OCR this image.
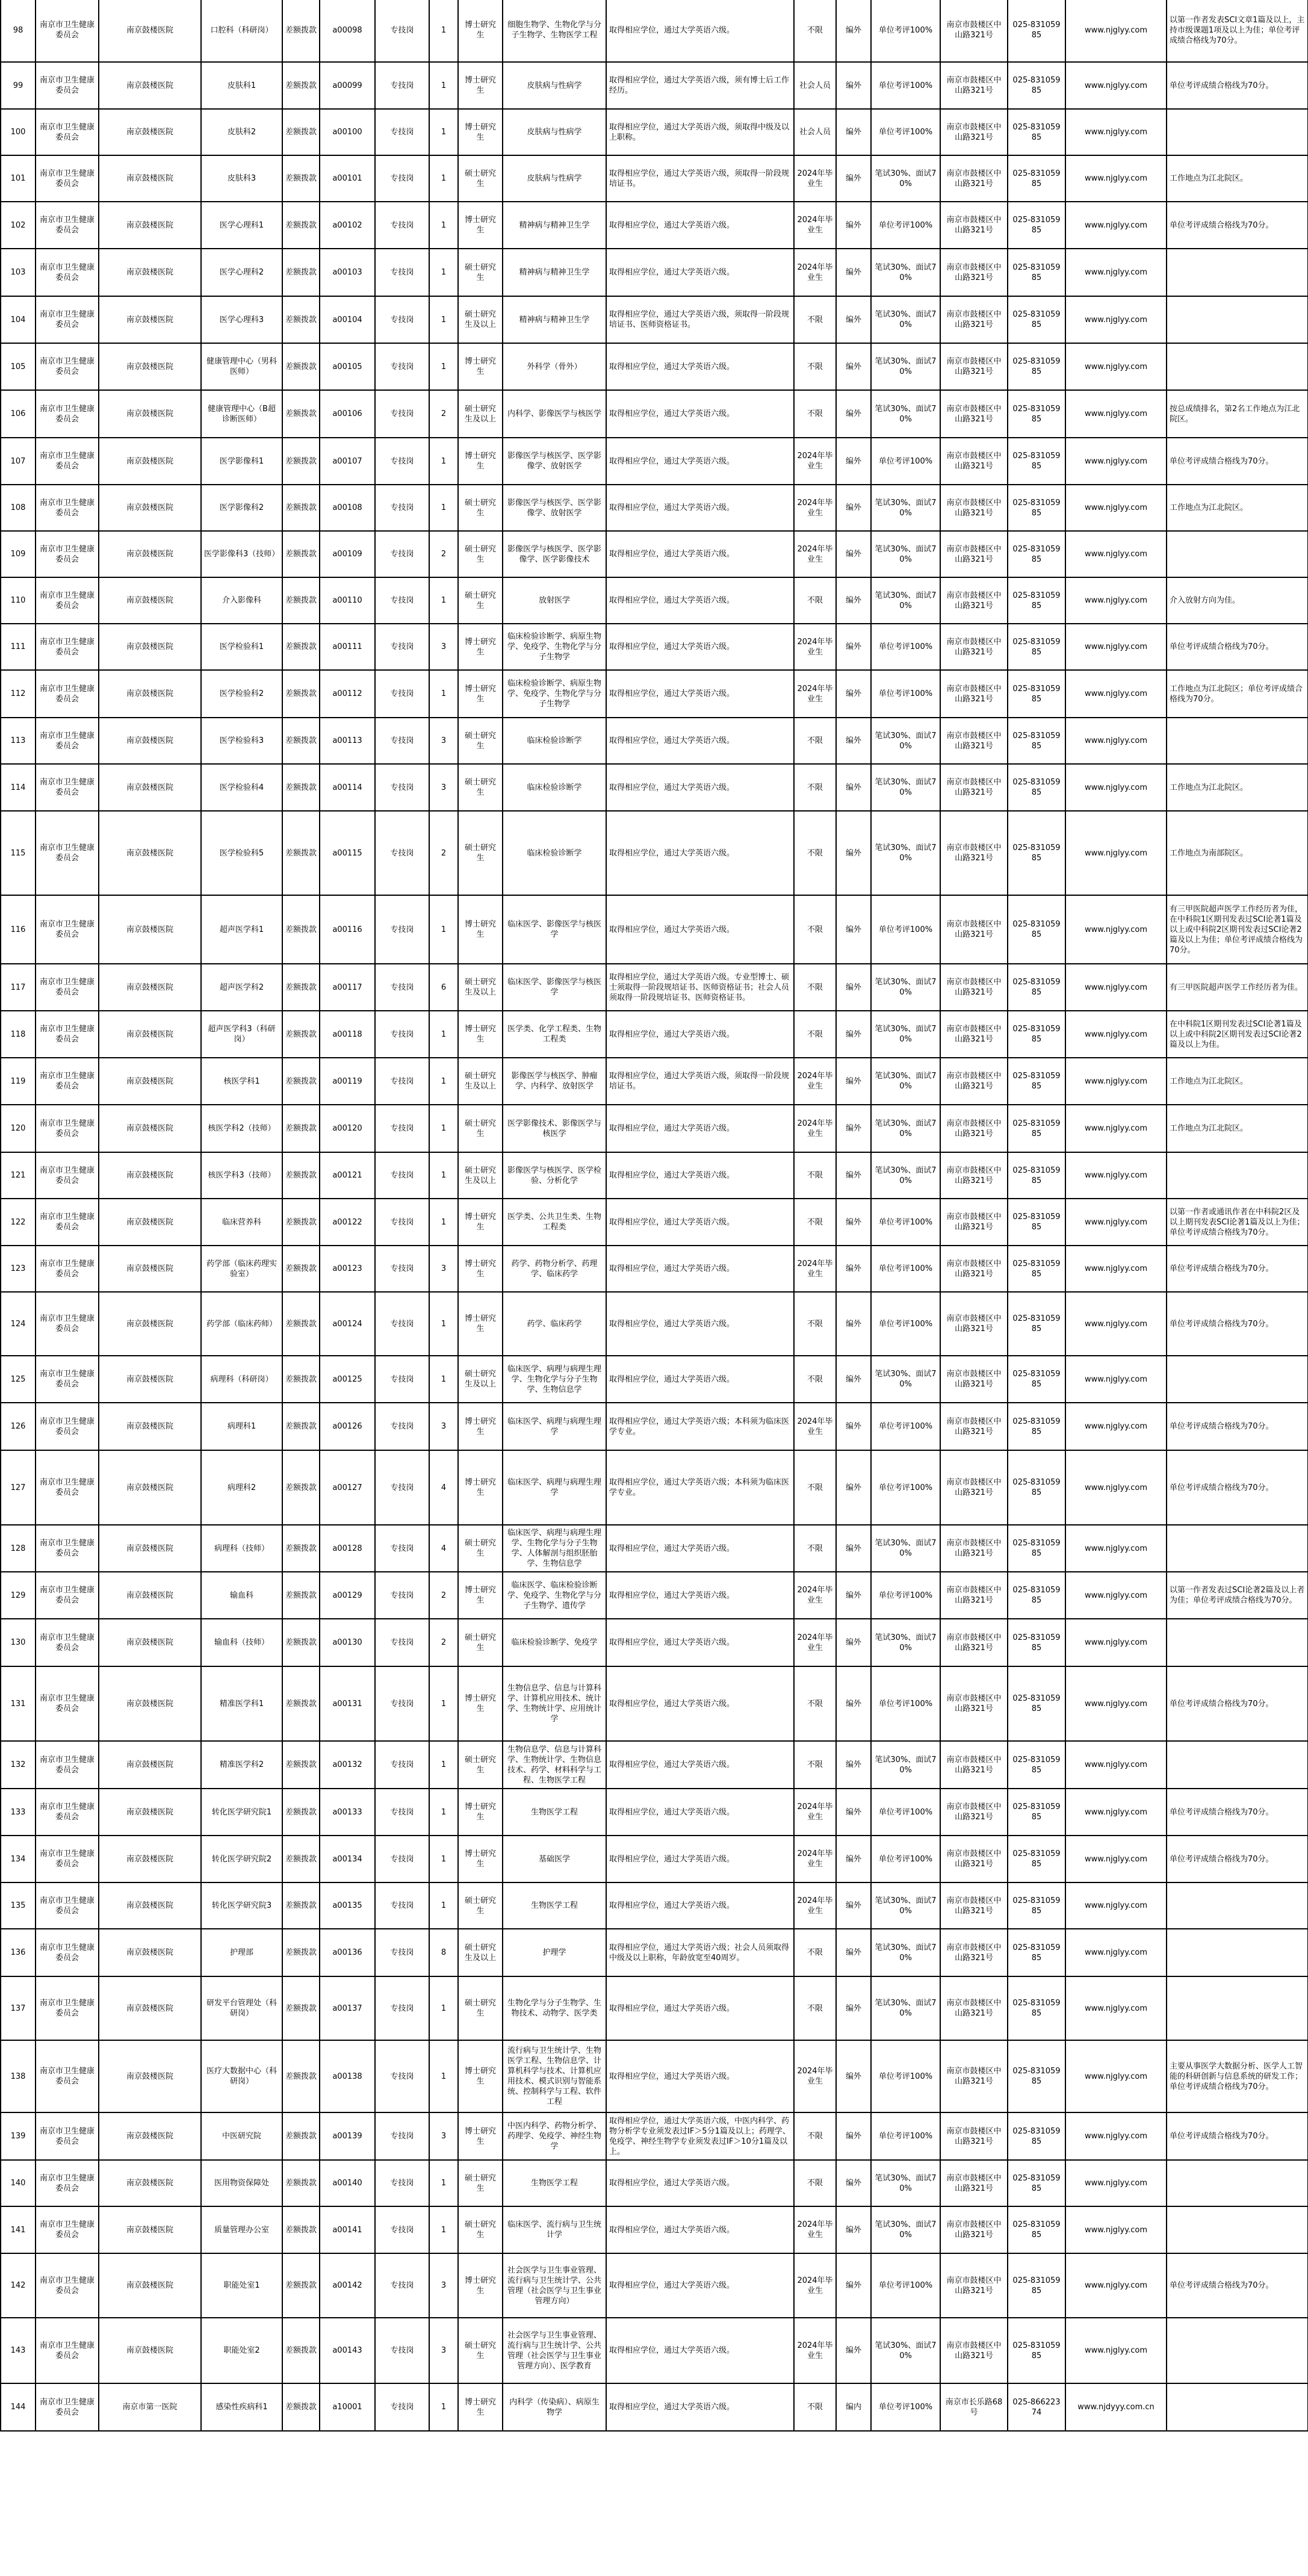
98	南京市卫生健康委员会	南京鼓楼医院	口腔科（科研岗）	差额拨款	a00098	专技岗	1	博士研究生	细胞生物学、生物化学与分子生物学、生物医学工程	取得相应学位，通过大学英语六级。	不限	编外	单位考评100%	南京市鼓楼区中山路321号	025-83105985	www.njglyy.com	以第一作者发表SCI文章1篇及以上，主持市级课题1项及以上为佳；单位考评成绩合格线为70分。
99	南京市卫生健康委员会	南京鼓楼医院	皮肤科1	差额拨款	a00099	专技岗	1	博士研究生	皮肤病与性病学	取得相应学位，通过大学英语六级，须有博士后工作经历。	社会人员	编外	单位考评100%	南京市鼓楼区中山路321号	025-83105985	www.njglyy.com	单位考评成绩合格线为70分。
100	南京市卫生健康委员会	南京鼓楼医院	皮肤科2	差额拨款	a00100	专技岗	1	博士研究生	皮肤病与性病学	取得相应学位，通过大学英语六级，须取得中级及以上职称。	社会人员	编外	单位考评100%	南京市鼓楼区中山路321号	025-83105985	www.njglyy.com	
101	南京市卫生健康委员会	南京鼓楼医院	皮肤科3	差额拨款	a00101	专技岗	1	硕士研究生	皮肤病与性病学	取得相应学位，通过大学英语六级，须取得一阶段规培证书。	2024年毕业生	编外	笔试30%、面试70%	南京市鼓楼区中山路321号	025-83105985	www.njglyy.com	工作地点为江北院区。
102	南京市卫生健康委员会	南京鼓楼医院	医学心理科1	差额拨款	a00102	专技岗	1	博士研究生	精神病与精神卫生学	取得相应学位，通过大学英语六级。	2024年毕业生	编外	单位考评100%	南京市鼓楼区中山路321号	025-83105985	www.njglyy.com	单位考评成绩合格线为70分。
103	南京市卫生健康委员会	南京鼓楼医院	医学心理科2	差额拨款	a00103	专技岗	1	硕士研究生	精神病与精神卫生学	取得相应学位，通过大学英语六级。	2024年毕业生	编外	笔试30%、面试70%	南京市鼓楼区中山路321号	025-83105985	www.njglyy.com	
104	南京市卫生健康委员会	南京鼓楼医院	医学心理科3	差额拨款	a00104	专技岗	1	硕士研究生及以上	精神病与精神卫生学	取得相应学位，通过大学英语六级，须取得一阶段规培证书、医师资格证书。	不限	编外	笔试30%、面试70%	南京市鼓楼区中山路321号	025-83105985	www.njglyy.com	
105	南京市卫生健康委员会	南京鼓楼医院	健康管理中心（男科医师）	差额拨款	a00105	专技岗	1	博士研究生	外科学（骨外）	取得相应学位，通过大学英语六级。	不限	编外	笔试30%、面试70%	南京市鼓楼区中山路321号	025-83105985	www.njglyy.com	
106	南京市卫生健康委员会	南京鼓楼医院	健康管理中心（B超诊断医师）	差额拨款	a00106	专技岗	2	硕士研究生及以上	内科学、影像医学与核医学	取得相应学位，通过大学英语六级。	不限	编外	笔试30%、面试70%	南京市鼓楼区中山路321号	025-83105985	www.njglyy.com	按总成绩排名，第2名工作地点为江北院区。
107	南京市卫生健康委员会	南京鼓楼医院	医学影像科1	差额拨款	a00107	专技岗	1	博士研究生	影像医学与核医学、医学影像学、放射医学	取得相应学位，通过大学英语六级。	2024年毕业生	编外	单位考评100%	南京市鼓楼区中山路321号	025-83105985	www.njglyy.com	单位考评成绩合格线为70分。
108	南京市卫生健康委员会	南京鼓楼医院	医学影像科2	差额拨款	a00108	专技岗	1	硕士研究生	影像医学与核医学、医学影像学、放射医学	取得相应学位，通过大学英语六级。	2024年毕业生	编外	笔试30%、面试70%	南京市鼓楼区中山路321号	025-83105985	www.njglyy.com	工作地点为江北院区。
109	南京市卫生健康委员会	南京鼓楼医院	医学影像科3（技师）	差额拨款	a00109	专技岗	2	硕士研究生	影像医学与核医学、医学影像学、医学影像技术	取得相应学位，通过大学英语六级。	2024年毕业生	编外	笔试30%、面试70%	南京市鼓楼区中山路321号	025-83105985	www.njglyy.com	
110	南京市卫生健康委员会	南京鼓楼医院	介入影像科	差额拨款	a00110	专技岗	1	硕士研究生	放射医学	取得相应学位，通过大学英语六级。	不限	编外	笔试30%、面试70%	南京市鼓楼区中山路321号	025-83105985	www.njglyy.com	介入放射方向为佳。
111	南京市卫生健康委员会	南京鼓楼医院	医学检验科1	差额拨款	a00111	专技岗	3	博士研究生	临床检验诊断学、病原生物学、免疫学、生物化学与分子生物学	取得相应学位，通过大学英语六级。	2024年毕业生	编外	单位考评100%	南京市鼓楼区中山路321号	025-83105985	www.njglyy.com	单位考评成绩合格线为70分。
112	南京市卫生健康委员会	南京鼓楼医院	医学检验科2	差额拨款	a00112	专技岗	1	博士研究生	临床检验诊断学、病原生物学、免疫学、生物化学与分子生物学	取得相应学位，通过大学英语六级。	2024年毕业生	编外	单位考评100%	南京市鼓楼区中山路321号	025-83105985	www.njglyy.com	工作地点为江北院区；单位考评成绩合格线为70分。
113	南京市卫生健康委员会	南京鼓楼医院	医学检验科3	差额拨款	a00113	专技岗	3	硕士研究生	临床检验诊断学	取得相应学位，通过大学英语六级。	不限	编外	笔试30%、面试70%	南京市鼓楼区中山路321号	025-83105985	www.njglyy.com	
114	南京市卫生健康委员会	南京鼓楼医院	医学检验科4	差额拨款	a00114	专技岗	3	硕士研究生	临床检验诊断学	取得相应学位，通过大学英语六级。	不限	编外	笔试30%、面试70%	南京市鼓楼区中山路321号	025-83105985	www.njglyy.com	工作地点为江北院区。
115	南京市卫生健康委员会	南京鼓楼医院	医学检验科5	差额拨款	a00115	专技岗	2	硕士研究生	临床检验诊断学	取得相应学位，通过大学英语六级。	不限	编外	笔试30%、面试70%	南京市鼓楼区中山路321号	025-83105985	www.njglyy.com	工作地点为南部院区。
116	南京市卫生健康委员会	南京鼓楼医院	超声医学科1	差额拨款	a00116	专技岗	1	博士研究生	临床医学、影像医学与核医学	取得相应学位，通过大学英语六级。	不限	编外	单位考评100%	南京市鼓楼区中山路321号	025-83105985	www.njglyy.com	有三甲医院超声医学工作经历者为佳，在中科院1区期刊发表过SCI论著1篇及以上或中科院2区期刊发表过SCI论著2篇及以上为佳；单位考评成绩合格线为70分。
117	南京市卫生健康委员会	南京鼓楼医院	超声医学科2	差额拨款	a00117	专技岗	6	硕士研究生及以上	临床医学、影像医学与核医学	取得相应学位，通过大学英语六级。专业型博士、硕士须取得一阶段规培证书、医师资格证书；社会人员须取得一阶段规培证书、医师资格证书。	不限	编外	笔试30%、面试70%	南京市鼓楼区中山路321号	025-83105985	www.njglyy.com	有三甲医院超声医学工作经历者为佳。
118	南京市卫生健康委员会	南京鼓楼医院	超声医学科3（科研岗）	差额拨款	a00118	专技岗	1	博士研究生	医学类、化学工程类、生物工程类	取得相应学位，通过大学英语六级。	不限	编外	笔试30%、面试70%	南京市鼓楼区中山路321号	025-83105985	www.njglyy.com	在中科院1区期刊发表过SCI论著1篇及以上或中科院2区期刊发表过SCI论著2篇及以上为佳。
119	南京市卫生健康委员会	南京鼓楼医院	核医学科1	差额拨款	a00119	专技岗	1	硕士研究生及以上	影像医学与核医学、肿瘤学、内科学、放射医学	取得相应学位，通过大学英语六级，须取得一阶段规培证书。	2024年毕业生	编外	笔试30%、面试70%	南京市鼓楼区中山路321号	025-83105985	www.njglyy.com	工作地点为江北院区。
120	南京市卫生健康委员会	南京鼓楼医院	核医学科2（技师）	差额拨款	a00120	专技岗	1	硕士研究生	医学影像技术、影像医学与核医学	取得相应学位，通过大学英语六级。	2024年毕业生	编外	笔试30%、面试70%	南京市鼓楼区中山路321号	025-83105985	www.njglyy.com	工作地点为江北院区。
121	南京市卫生健康委员会	南京鼓楼医院	核医学科3（技师）	差额拨款	a00121	专技岗	1	硕士研究生及以上	影像医学与核医学、医学检验、分析化学	取得相应学位，通过大学英语六级。	不限	编外	笔试30%、面试70%	南京市鼓楼区中山路321号	025-83105985	www.njglyy.com	
122	南京市卫生健康委员会	南京鼓楼医院	临床营养科	差额拨款	a00122	专技岗	1	博士研究生	医学类、公共卫生类、生物工程类	取得相应学位，通过大学英语六级。	不限	编外	单位考评100%	南京市鼓楼区中山路321号	025-83105985	www.njglyy.com	以第一作者或通讯作者在中科院2区及以上期刊发表SCI论著1篇及以上为佳；单位考评成绩合格线为70分。
123	南京市卫生健康委员会	南京鼓楼医院	药学部（临床药理实验室）	差额拨款	a00123	专技岗	3	博士研究生	药学、药物分析学、药理学、临床药学	取得相应学位，通过大学英语六级。	2024年毕业生	编外	单位考评100%	南京市鼓楼区中山路321号	025-83105985	www.njglyy.com	单位考评成绩合格线为70分。
124	南京市卫生健康委员会	南京鼓楼医院	药学部（临床药师）	差额拨款	a00124	专技岗	1	博士研究生	药学、临床药学	取得相应学位，通过大学英语六级。	不限	编外	单位考评100%	南京市鼓楼区中山路321号	025-83105985	www.njglyy.com	单位考评成绩合格线为70分。
125	南京市卫生健康委员会	南京鼓楼医院	病理科（科研岗）	差额拨款	a00125	专技岗	1	硕士研究生及以上	临床医学、病理与病理生理学、生物化学与分子生物学、生物信息学	取得相应学位，通过大学英语六级。	不限	编外	笔试30%、面试70%	南京市鼓楼区中山路321号	025-83105985	www.njglyy.com	
126	南京市卫生健康委员会	南京鼓楼医院	病理科1	差额拨款	a00126	专技岗	3	博士研究生	临床医学、病理与病理生理学	取得相应学位，通过大学英语六级；本科须为临床医学专业。	2024年毕业生	编外	单位考评100%	南京市鼓楼区中山路321号	025-83105985	www.njglyy.com	单位考评成绩合格线为70分。
127	南京市卫生健康委员会	南京鼓楼医院	病理科2	差额拨款	a00127	专技岗	4	博士研究生	临床医学、病理与病理生理学	取得相应学位，通过大学英语六级；本科须为临床医学专业。	不限	编外	单位考评100%	南京市鼓楼区中山路321号	025-83105985	www.njglyy.com	单位考评成绩合格线为70分。
128	南京市卫生健康委员会	南京鼓楼医院	病理科（技师）	差额拨款	a00128	专技岗	4	硕士研究生	临床医学、病理与病理生理学、生物化学与分子生物学、人体解剖与组织胚胎学、生物信息学	取得相应学位，通过大学英语六级。	不限	编外	笔试30%、面试70%	南京市鼓楼区中山路321号	025-83105985	www.njglyy.com	
129	南京市卫生健康委员会	南京鼓楼医院	输血科	差额拨款	a00129	专技岗	2	博士研究生	临床医学、临床检验诊断学、免疫学、生物化学与分子生物学、遗传学	取得相应学位，通过大学英语六级。	2024年毕业生	编外	单位考评100%	南京市鼓楼区中山路321号	025-83105985	www.njglyy.com	以第一作者发表过SCI论著2篇及以上者为佳；单位考评成绩合格线为70分。
130	南京市卫生健康委员会	南京鼓楼医院	输血科（技师）	差额拨款	a00130	专技岗	2	硕士研究生	临床检验诊断学、免疫学	取得相应学位，通过大学英语六级。	2024年毕业生	编外	笔试30%、面试70%	南京市鼓楼区中山路321号	025-83105985	www.njglyy.com	
131	南京市卫生健康委员会	南京鼓楼医院	精准医学科1	差额拨款	a00131	专技岗	1	博士研究生	生物信息学、信息与计算科学、计算机应用技术、统计学、生物统计学、应用统计学	取得相应学位，通过大学英语六级。	不限	编外	单位考评100%	南京市鼓楼区中山路321号	025-83105985	www.njglyy.com	单位考评成绩合格线为70分。
132	南京市卫生健康委员会	南京鼓楼医院	精准医学科2	差额拨款	a00132	专技岗	1	硕士研究生	生物信息学、信息与计算科学、生物统计学、生物信息技术、药学、材料科学与工程、生物医学工程	取得相应学位，通过大学英语六级。	不限	编外	笔试30%、面试70%	南京市鼓楼区中山路321号	025-83105985	www.njglyy.com	
133	南京市卫生健康委员会	南京鼓楼医院	转化医学研究院1	差额拨款	a00133	专技岗	1	博士研究生	生物医学工程	取得相应学位，通过大学英语六级。	2024年毕业生	编外	单位考评100%	南京市鼓楼区中山路321号	025-83105985	www.njglyy.com	单位考评成绩合格线为70分。
134	南京市卫生健康委员会	南京鼓楼医院	转化医学研究院2	差额拨款	a00134	专技岗	1	博士研究生	基础医学	取得相应学位，通过大学英语六级。	2024年毕业生	编外	单位考评100%	南京市鼓楼区中山路321号	025-83105985	www.njglyy.com	单位考评成绩合格线为70分。
135	南京市卫生健康委员会	南京鼓楼医院	转化医学研究院3	差额拨款	a00135	专技岗	1	硕士研究生	生物医学工程	取得相应学位，通过大学英语六级。	2024年毕业生	编外	笔试30%、面试70%	南京市鼓楼区中山路321号	025-83105985	www.njglyy.com	
136	南京市卫生健康委员会	南京鼓楼医院	护理部	差额拨款	a00136	专技岗	8	硕士研究生及以上	护理学	取得相应学位，通过大学英语六级；社会人员须取得中级及以上职称，年龄放宽至40周岁。	不限	编外	笔试30%、面试70%	南京市鼓楼区中山路321号	025-83105985	www.njglyy.com	
137	南京市卫生健康委员会	南京鼓楼医院	研发平台管理处（科研岗）	差额拨款	a00137	专技岗	1	硕士研究生	生物化学与分子生物学、生物技术、动物学、医学类	取得相应学位，通过大学英语六级。	不限	编外	笔试30%、面试70%	南京市鼓楼区中山路321号	025-83105985	www.njglyy.com	
138	南京市卫生健康委员会	南京鼓楼医院	医疗大数据中心（科研岗）	差额拨款	a00138	专技岗	1	博士研究生	流行病与卫生统计学、生物医学工程、生物信息学、计算机科学与技术、计算机应用技术、模式识别与智能系统、控制科学与工程、软件工程	取得相应学位，通过大学英语六级。	2024年毕业生	编外	单位考评100%	南京市鼓楼区中山路321号	025-83105985	www.njglyy.com	主要从事医学大数据分析、医学人工智能的科研创新与信息系统的研发工作；单位考评成绩合格线为70分。
139	南京市卫生健康委员会	南京鼓楼医院	中医研究院	差额拨款	a00139	专技岗	3	博士研究生	中医内科学、药物分析学、药理学、免疫学、神经生物学	取得相应学位，通过大学英语六级，中医内科学、药物分析学专业须发表过IF＞5分1篇及以上；药理学、免疫学、神经生物学专业须发表过IF＞10分1篇及以上。	不限	编外	单位考评100%	南京市鼓楼区中山路321号	025-83105985	www.njglyy.com	单位考评成绩合格线为70分。
140	南京市卫生健康委员会	南京鼓楼医院	医用物资保障处	差额拨款	a00140	专技岗	1	硕士研究生	生物医学工程	取得相应学位，通过大学英语六级。	不限	编外	笔试30%、面试70%	南京市鼓楼区中山路321号	025-83105985	www.njglyy.com	
141	南京市卫生健康委员会	南京鼓楼医院	质量管理办公室	差额拨款	a00141	专技岗	1	硕士研究生	临床医学、流行病与卫生统计学	取得相应学位，通过大学英语六级。	2024年毕业生	编外	笔试30%、面试70%	南京市鼓楼区中山路321号	025-83105985	www.njglyy.com	
142	南京市卫生健康委员会	南京鼓楼医院	职能处室1	差额拨款	a00142	专技岗	3	博士研究生	社会医学与卫生事业管理、流行病与卫生统计学、公共管理（社会医学与卫生事业管理方向）	取得相应学位，通过大学英语六级。	2024年毕业生	编外	单位考评100%	南京市鼓楼区中山路321号	025-83105985	www.njglyy.com	单位考评成绩合格线为70分。
143	南京市卫生健康委员会	南京鼓楼医院	职能处室2	差额拨款	a00143	专技岗	3	硕士研究生	社会医学与卫生事业管理、流行病与卫生统计学、公共管理（社会医学与卫生事业管理方向）、医学教育	取得相应学位，通过大学英语六级。	2024年毕业生	编外	笔试30%、面试70%	南京市鼓楼区中山路321号	025-83105985	www.njglyy.com	
144	南京市卫生健康委员会	南京市第一医院	感染性疾病科1	差额拨款	a10001	专技岗	1	博士研究生	内科学（传染病）、病原生物学	取得相应学位，通过大学英语六级。	不限	编内	单位考评100%	南京市长乐路68号	025-86622374	www.njdyyy.com.cn	
